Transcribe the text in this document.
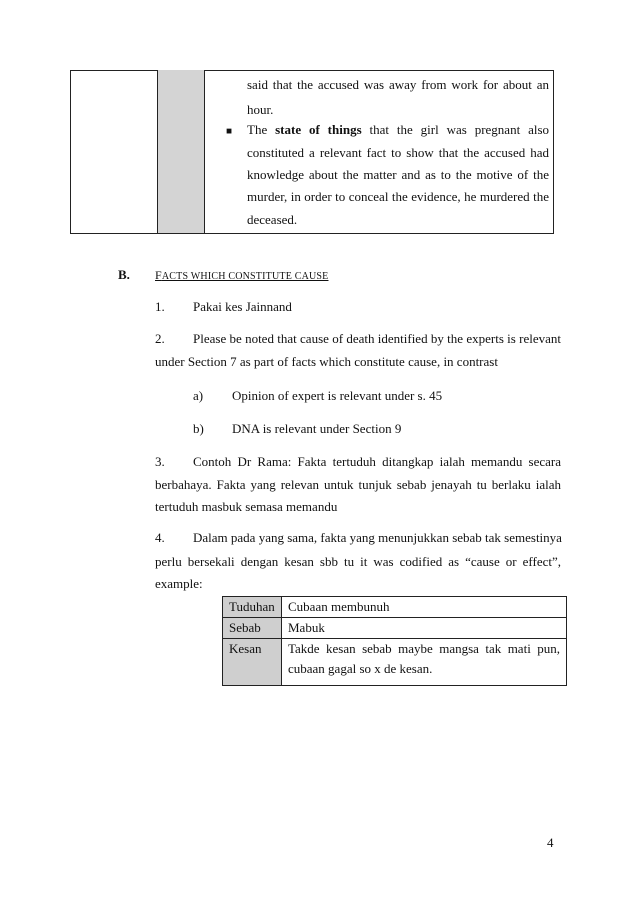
said that the accused was away from work for about an
hour.
■ The state of things that the girl was pregnant also
constituted a relevant fact to show that the accused had
knowledge about the matter and as to the motive of the
murder, in order to conceal the evidence, he murdered the
deceased.
B. FACTS WHICH CONSTITUTE CAUSE
1. Pakai kes Jainnand
2. Please be noted that cause of death identified by the experts is relevant
under Section 7 as part of facts which constitute cause, in contrast
a) Opinion of expert is relevant under s. 45
b) DNA is relevant under Section 9
3. Contoh Dr Rama: Fakta tertuduh ditangkap ialah memandu secara
berbahaya. Fakta yang relevan untuk tunjuk sebab jenayah tu berlaku ialah
tertuduh masbuk semasa memandu
4. Dalam pada yang sama, fakta yang menunjukkan sebab tak semestinya
perlu bersekali dengan kesan sbb tu it was codified as “cause or effect”,
example:
Tuduhan	Cubaan membunuh
Sebab	Mabuk
Kesan	Takde kesan sebab maybe mangsa tak mati pun,
cubaan gagal so x de kesan.
4
